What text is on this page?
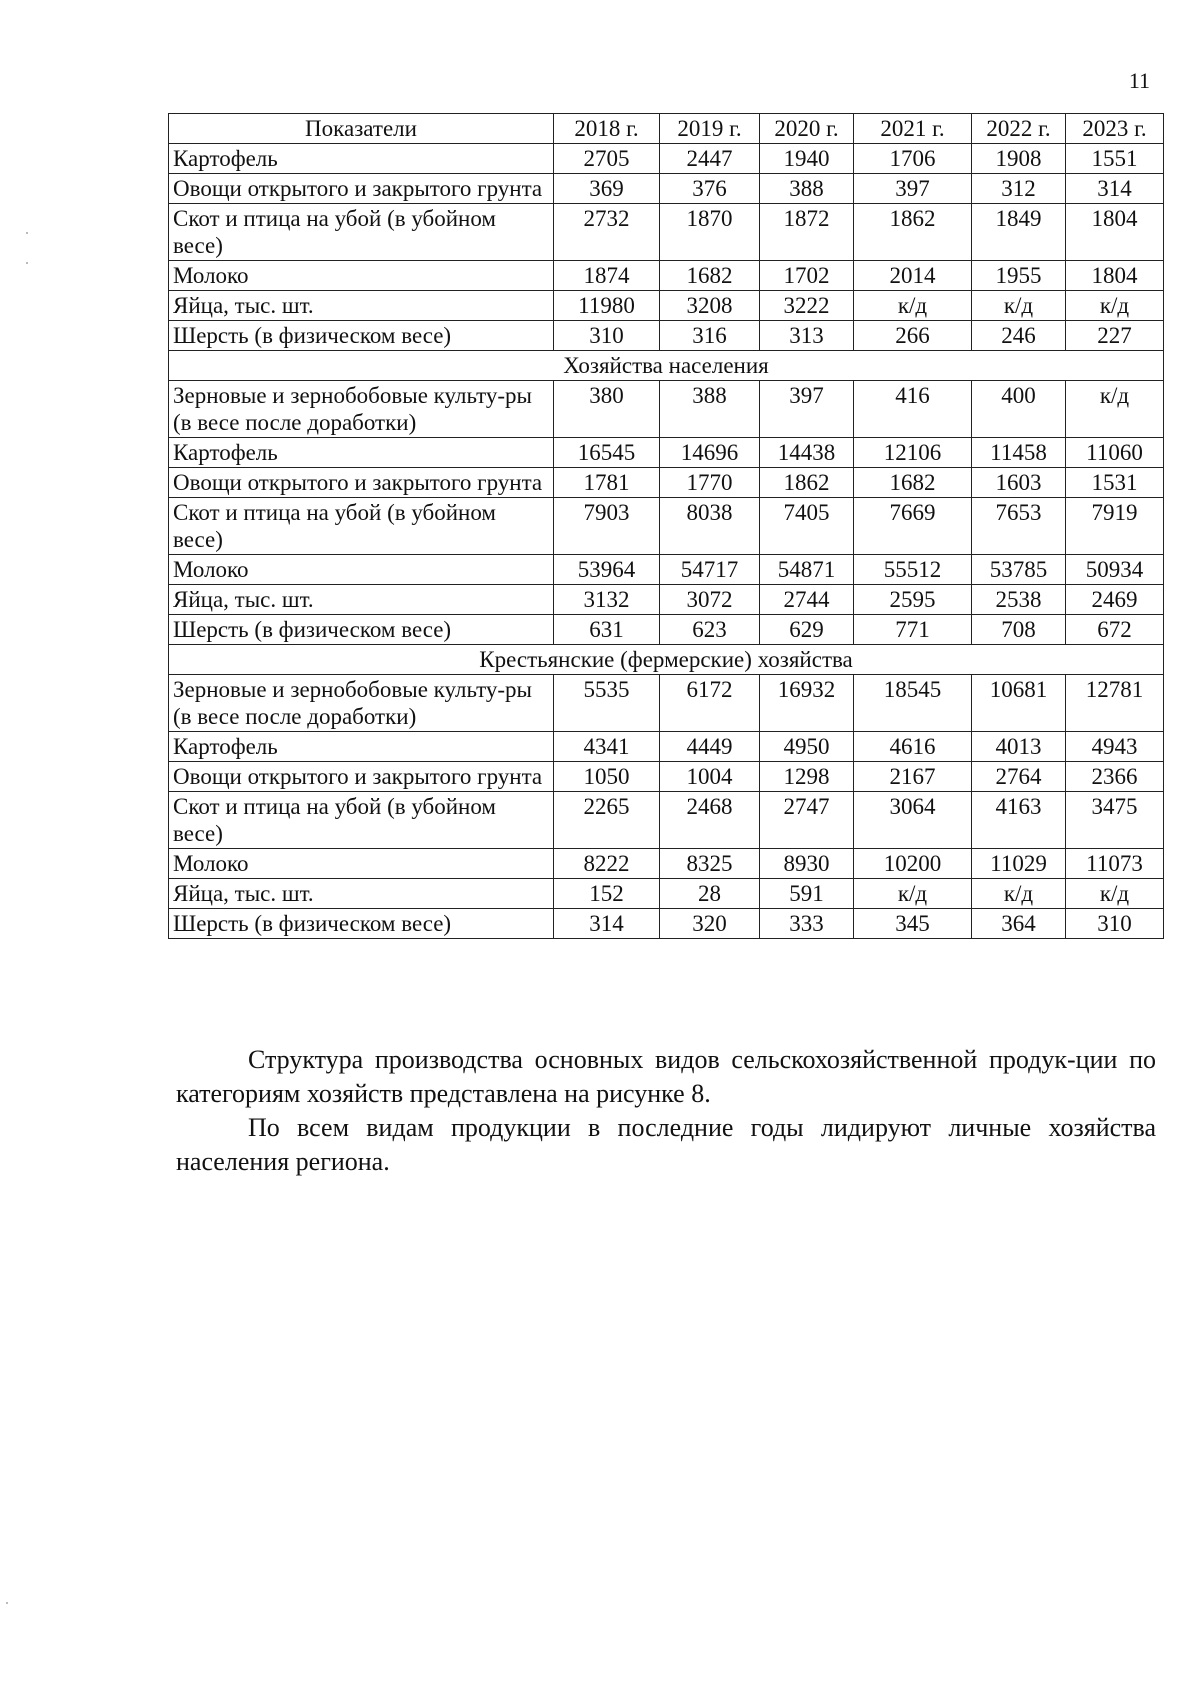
11
Показатели	2018 г.	2019 г.	2020 г.	2021 г.	2022 г.	2023 г.
Картофель	2705	2447	1940	1706	1908	1551
Овощи открытого и закрытого грунта	369	376	388	397	312	314
Скот и птица на убой (в убойном весе)	2732	1870	1872	1862	1849	1804
Молоко	1874	1682	1702	2014	1955	1804
Яйца, тыс. шт.	11980	3208	3222	к/д	к/д	к/д
Шерсть (в физическом весе)	310	316	313	266	246	227
Хозяйства населения						
Зерновые и зернобобовые культу-ры (в весе после доработки)	380	388	397	416	400	к/д
Картофель	16545	14696	14438	12106	11458	11060
Овощи открытого и закрытого грунта	1781	1770	1862	1682	1603	1531
Скот и птица на убой (в убойном весе)	7903	8038	7405	7669	7653	7919
Молоко	53964	54717	54871	55512	53785	50934
Яйца, тыс. шт.	3132	3072	2744	2595	2538	2469
Шерсть (в физическом весе)	631	623	629	771	708	672
Крестьянские (фермерские) хозяйства						
Зерновые и зернобобовые культу-ры (в весе после доработки)	5535	6172	16932	18545	10681	12781
Картофель	4341	4449	4950	4616	4013	4943
Овощи открытого и закрытого грунта	1050	1004	1298	2167	2764	2366
Скот и птица на убой (в убойном весе)	2265	2468	2747	3064	4163	3475
Молоко	8222	8325	8930	10200	11029	11073
Яйца, тыс. шт.	152	28	591	к/д	к/д	к/д
Шерсть (в физическом весе)	314	320	333	345	364	310

Структура производства основных видов сельскохозяйственной продук-ции по категориям хозяйств представлена на рисунке 8.

По всем видам продукции в последние годы лидируют личные хозяйства населения региона.
